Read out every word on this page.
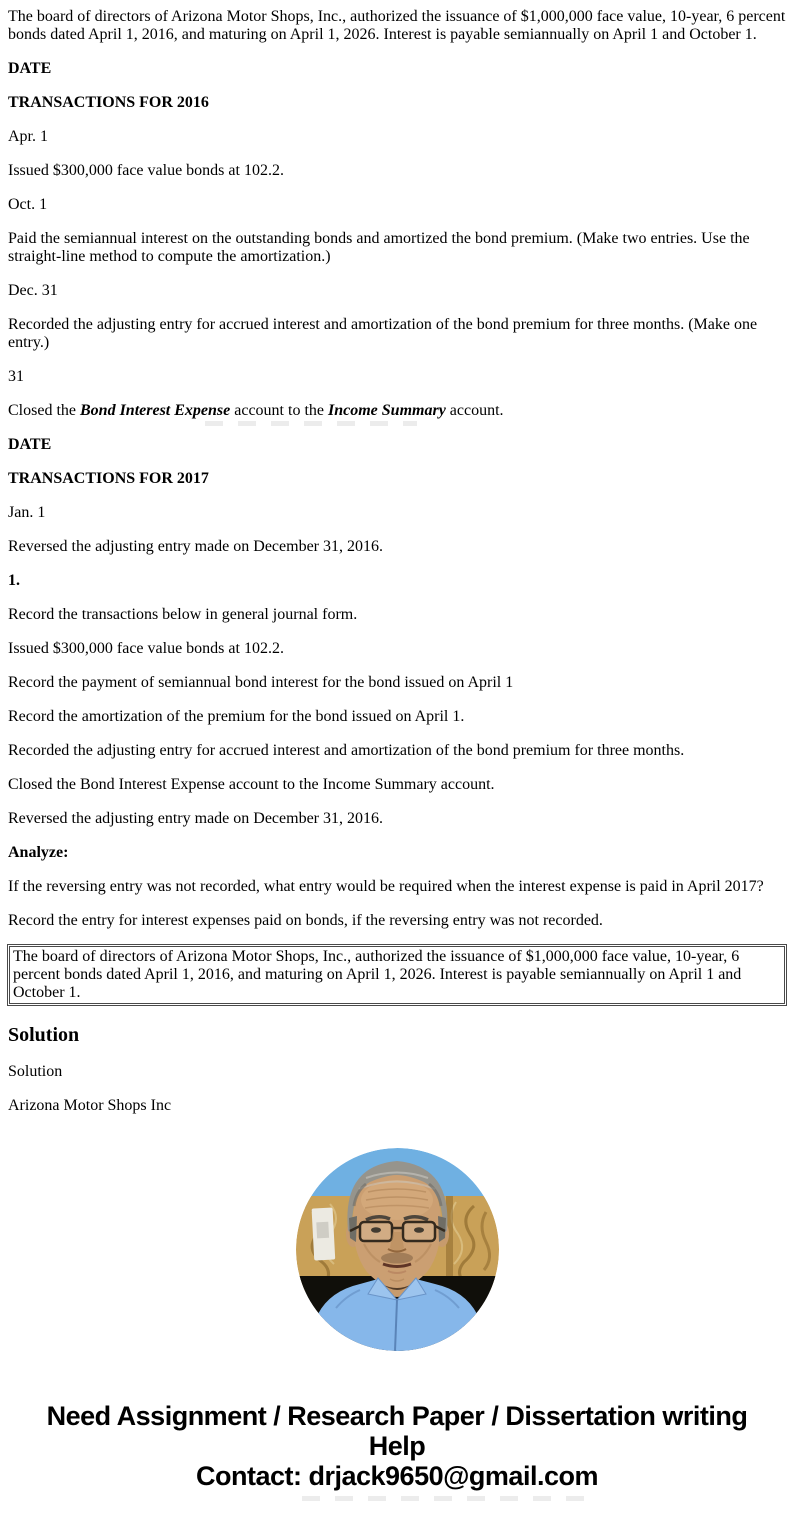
The board of directors of Arizona Motor Shops, Inc., authorized the issuance of $1,000,000 face value, 10-year, 6 percent bonds dated April 1, 2016, and maturing on April 1, 2026. Interest is payable semiannually on April 1 and October 1.

DATE

TRANSACTIONS FOR 2016

Apr. 1

Issued $300,000 face value bonds at 102.2.

Oct. 1

Paid the semiannual interest on the outstanding bonds and amortized the bond premium. (Make two entries. Use the straight-line method to compute the amortization.)

Dec. 31

Recorded the adjusting entry for accrued interest and amortization of the bond premium for three months. (Make one entry.)

31

Closed the Bond Interest Expense account to the Income Summary account.

DATE

TRANSACTIONS FOR 2017

Jan. 1

Reversed the adjusting entry made on December 31, 2016.

1.

Record the transactions below in general journal form.

Issued $300,000 face value bonds at 102.2.

Record the payment of semiannual bond interest for the bond issued on April 1

Record the amortization of the premium for the bond issued on April 1.

Recorded the adjusting entry for accrued interest and amortization of the bond premium for three months.

Closed the Bond Interest Expense account to the Income Summary account.

Reversed the adjusting entry made on December 31, 2016.

Analyze:

If the reversing entry was not recorded, what entry would be required when the interest expense is paid in April 2017?

Record the entry for interest expenses paid on bonds, if the reversing entry was not recorded.

The board of directors of Arizona Motor Shops, Inc., authorized the issuance of $1,000,000 face value, 10-year, 6 percent bonds dated April 1, 2016, and maturing on April 1, 2026. Interest is payable semiannually on April 1 and October 1.

Solution

Solution

Arizona Motor Shops Inc

Need Assignment / Research Paper / Dissertation writing Help
Contact: drjack9650@gmail.com
